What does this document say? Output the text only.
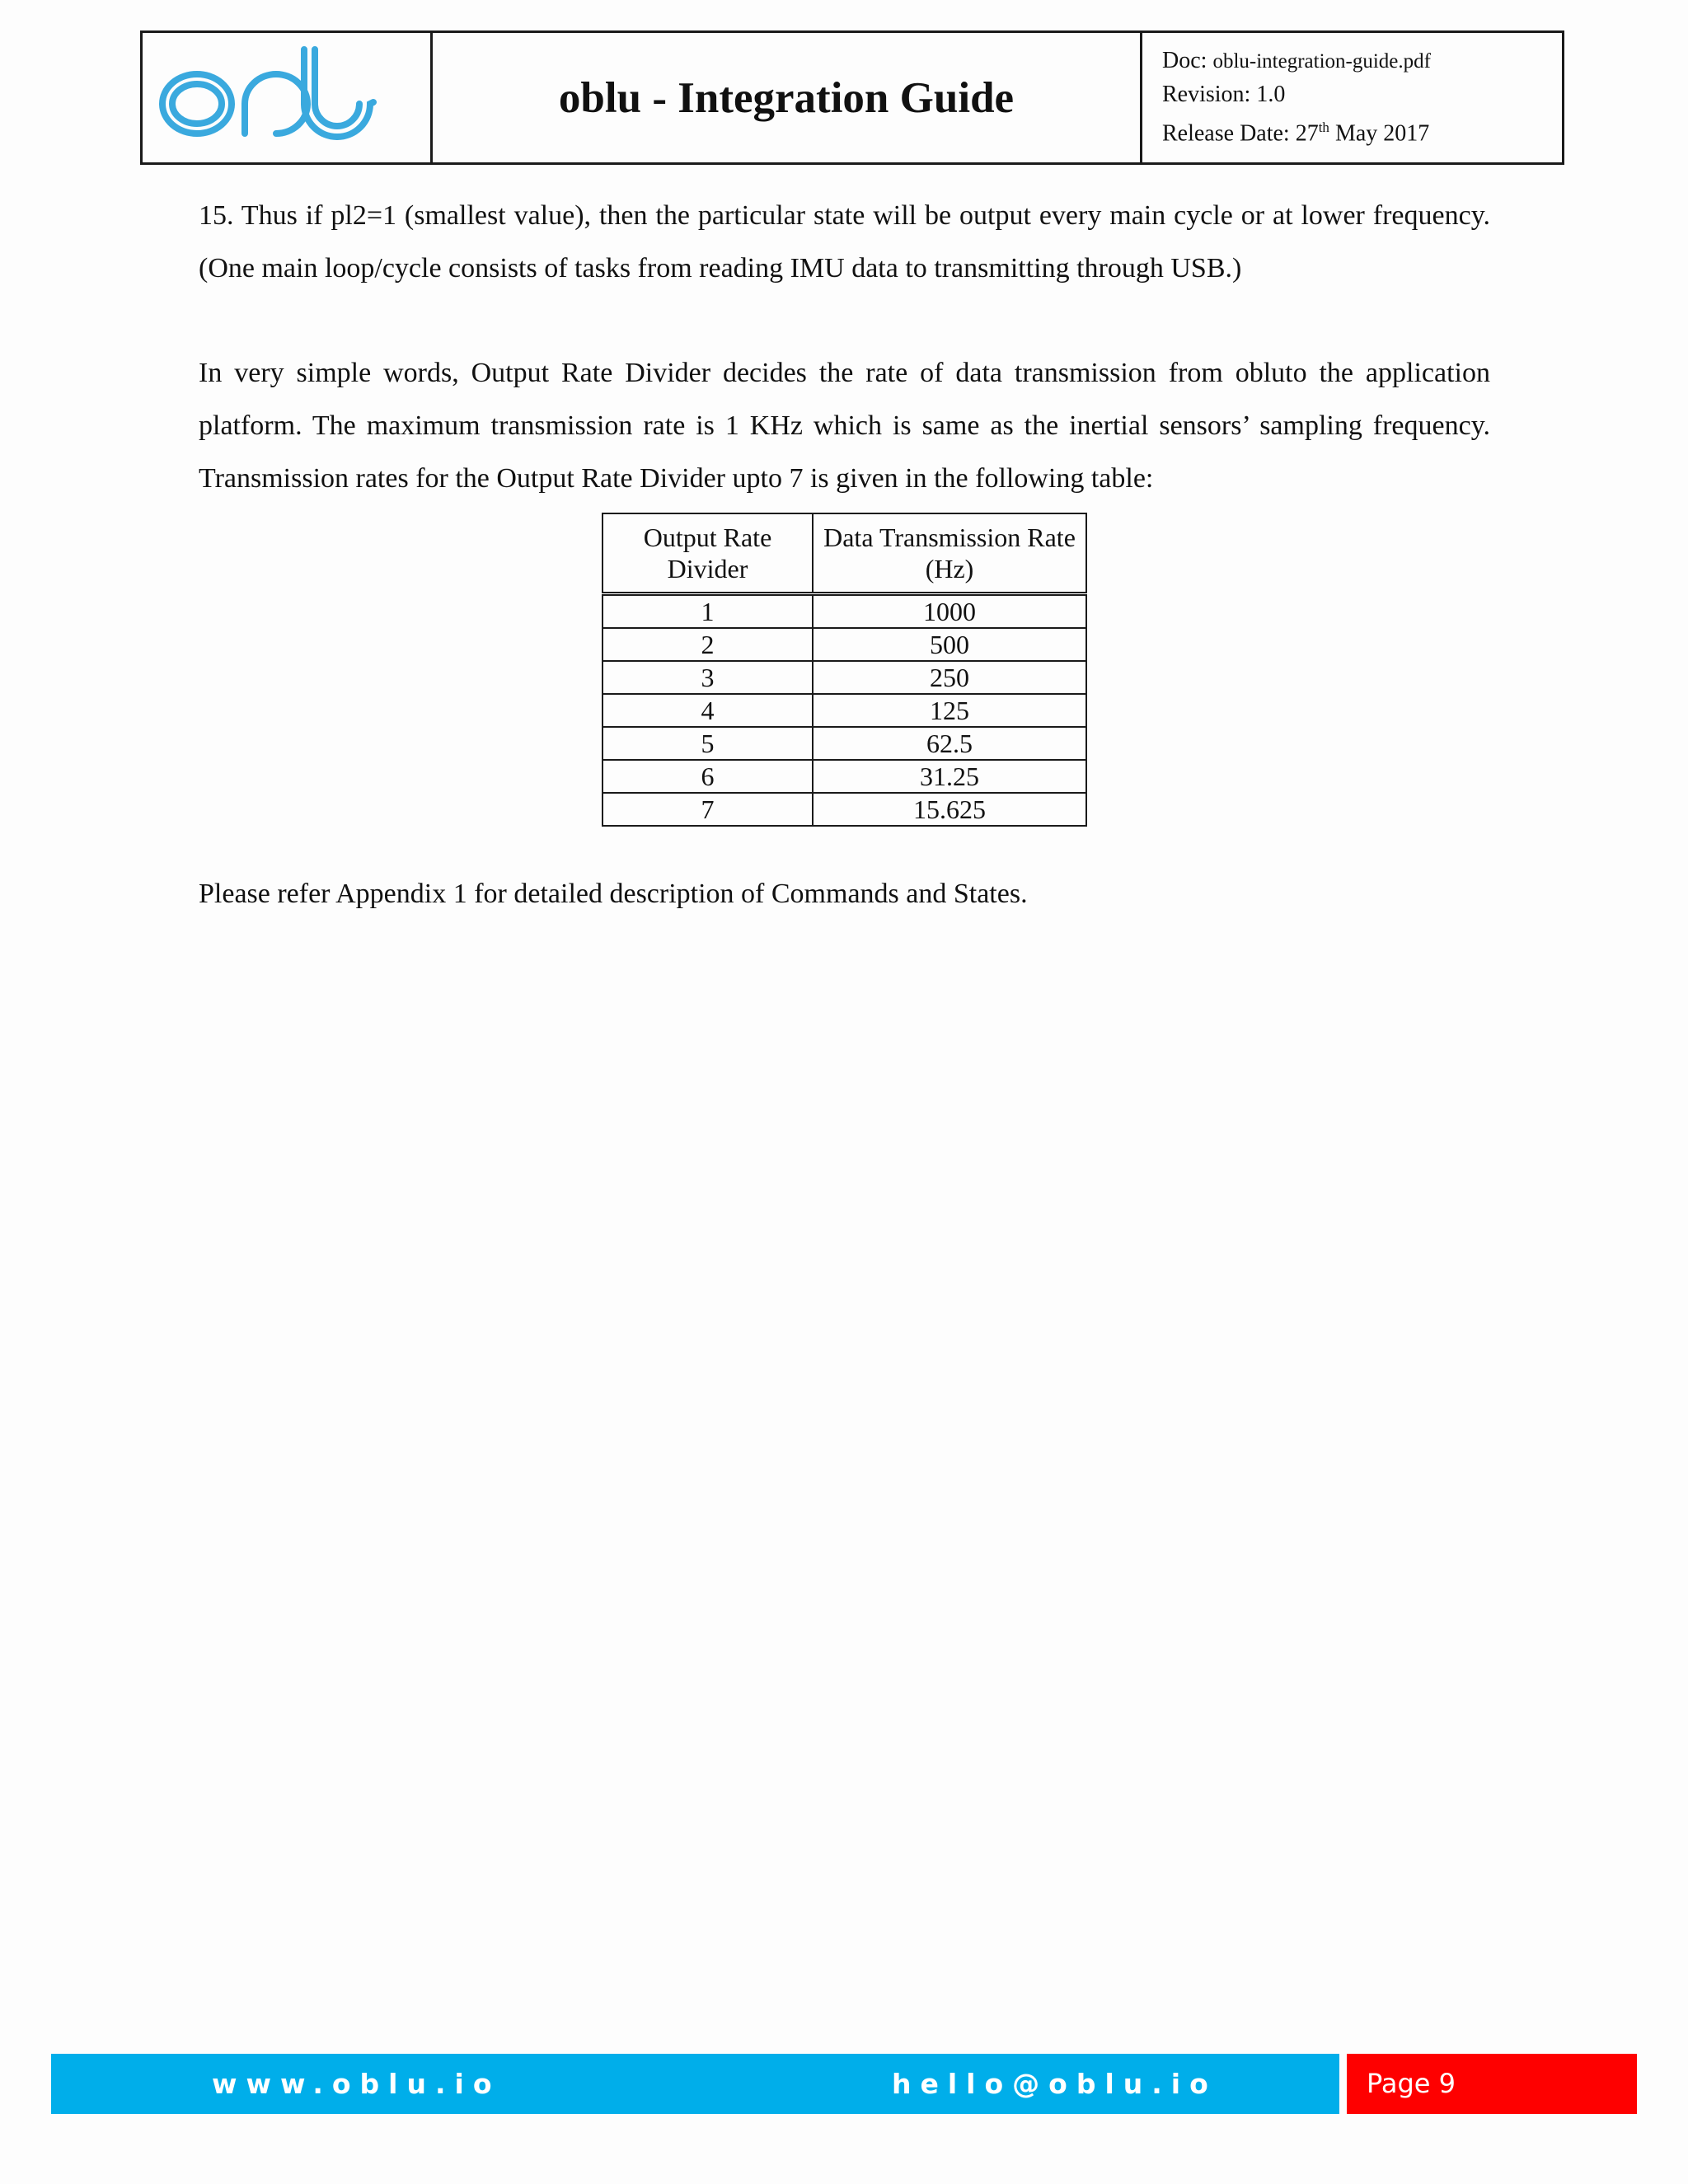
oblu - Integration Guide
Doc: oblu-integration-guide.pdf
Revision: 1.0
Release Date: 27th May 2017

15. Thus if pl2=1 (smallest value), then the particular state will be output every main cycle or at lower frequency. (One main loop/cycle consists of tasks from reading IMU data to transmitting through USB.)

In very simple words, Output Rate Divider decides the rate of data transmission from obluto the application platform. The maximum transmission rate is 1 KHz which is same as the inertial sensors’ sampling frequency. Transmission rates for the Output Rate Divider upto 7 is given in the following table:

Output Rate Divider	Data Transmission Rate (Hz)
1	1000
2	500
3	250
4	125
5	62.5
6	31.25
7	15.625

Please refer Appendix 1 for detailed description of Commands and States.

www.oblu.io	hello@oblu.io	Page 9
